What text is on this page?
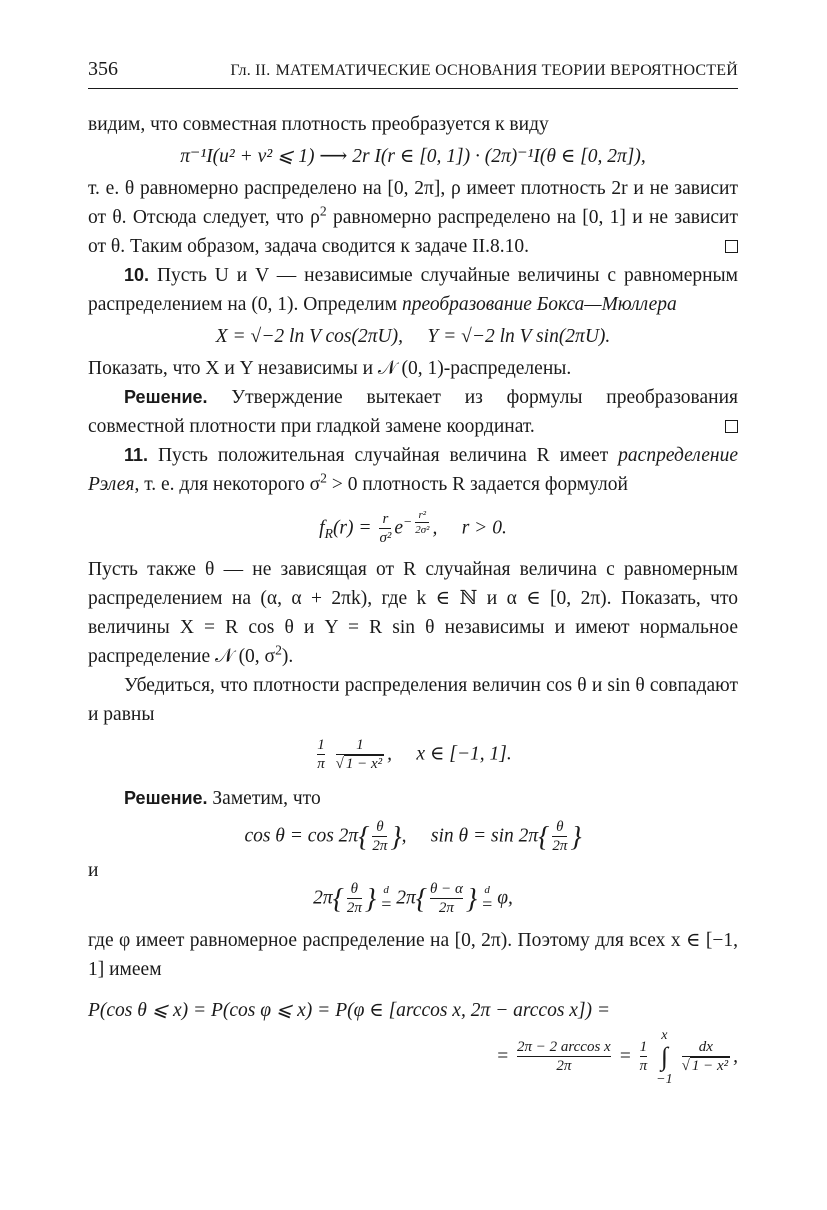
356	Гл. II. МАТЕМАТИЧЕСКИЕ ОСНОВАНИЯ ТЕОРИИ ВЕРОЯТНОСТЕЙ

видим, что совместная плотность преобразуется к виду

π⁻¹I(u² + v² ⩽ 1) ⟶ 2r I(r ∈ [0, 1]) · (2π)⁻¹I(θ ∈ [0, 2π]),

т. е. θ равномерно распределено на [0, 2π], ρ имеет плотность 2r и не зависит от θ. Отсюда следует, что $\rho^2$ равномерно распределено на [0, 1] и не зависит от θ. Таким образом, задача сводится к задаче II.8.10.

10. Пусть U и V — независимые случайные величины с равномерным распределением на (0, 1). Определим преобразование Бокса—Мюллера

X = √−2 ln V cos(2πU), Y = √−2 ln V sin(2πU).

Показать, что X и Y независимы и 𝒩 (0, 1)-распределены.

Решение. Утверждение вытекает из формулы преобразования совместной плотности при гладкой замене координат.

11. Пусть положительная случайная величина R имеет распределение Рэлея, т. е. для некоторого $\sigma^2 > 0$ плотность R задается формулой

$f_R(r) = \frac{r}{\text{σ²}} e^{- \frac{\text{r²}}{\text{2σ²}}}$ ,     r > 0.

Пусть также θ — не зависящая от R случайная величина с равномерным распределением на (α, α + 2πk), где k ∈ ℕ и α ∈ [0, 2π). Показать, что величины X = R cos θ и Y = R sin θ независимы и имеют нормальное распределение 𝒩 (0, $\sigma^2$).

Убедиться, что плотности распределения величин cos θ и sin θ совпадают и равны

$\frac{1}{\pi}$
$\frac{1}{\text{√ 1 − x²}}$ ,     x ∈ [−1, 1].

Решение. Заметим, что

$\cos \theta = \cos 2\pi\{ \frac{\theta}{2\pi}$ },     $\sin \theta = \sin 2\pi\{ \frac{\theta}{2\pi}$ }

и

$2\pi\{ \frac{\theta}{2\pi}$ } d
= $2\pi\{ \frac{\theta - \alpha}{2\pi}$ } d
= φ,

где φ имеет равномерное распределение на [0, 2π). Поэтому для всех x ∈ [−1, 1] имеем

P(cos θ ⩽ x) = P(cos φ ⩽ x) = P(φ ∈ [arccos x, 2π − arccos x]) =
= $\frac{\text{2π − 2 arccos x}}{2\pi} = \frac{1}{\pi}$
x
∫
−1
$\frac{dx}{\text{√ 1 − x²}}$ ,
